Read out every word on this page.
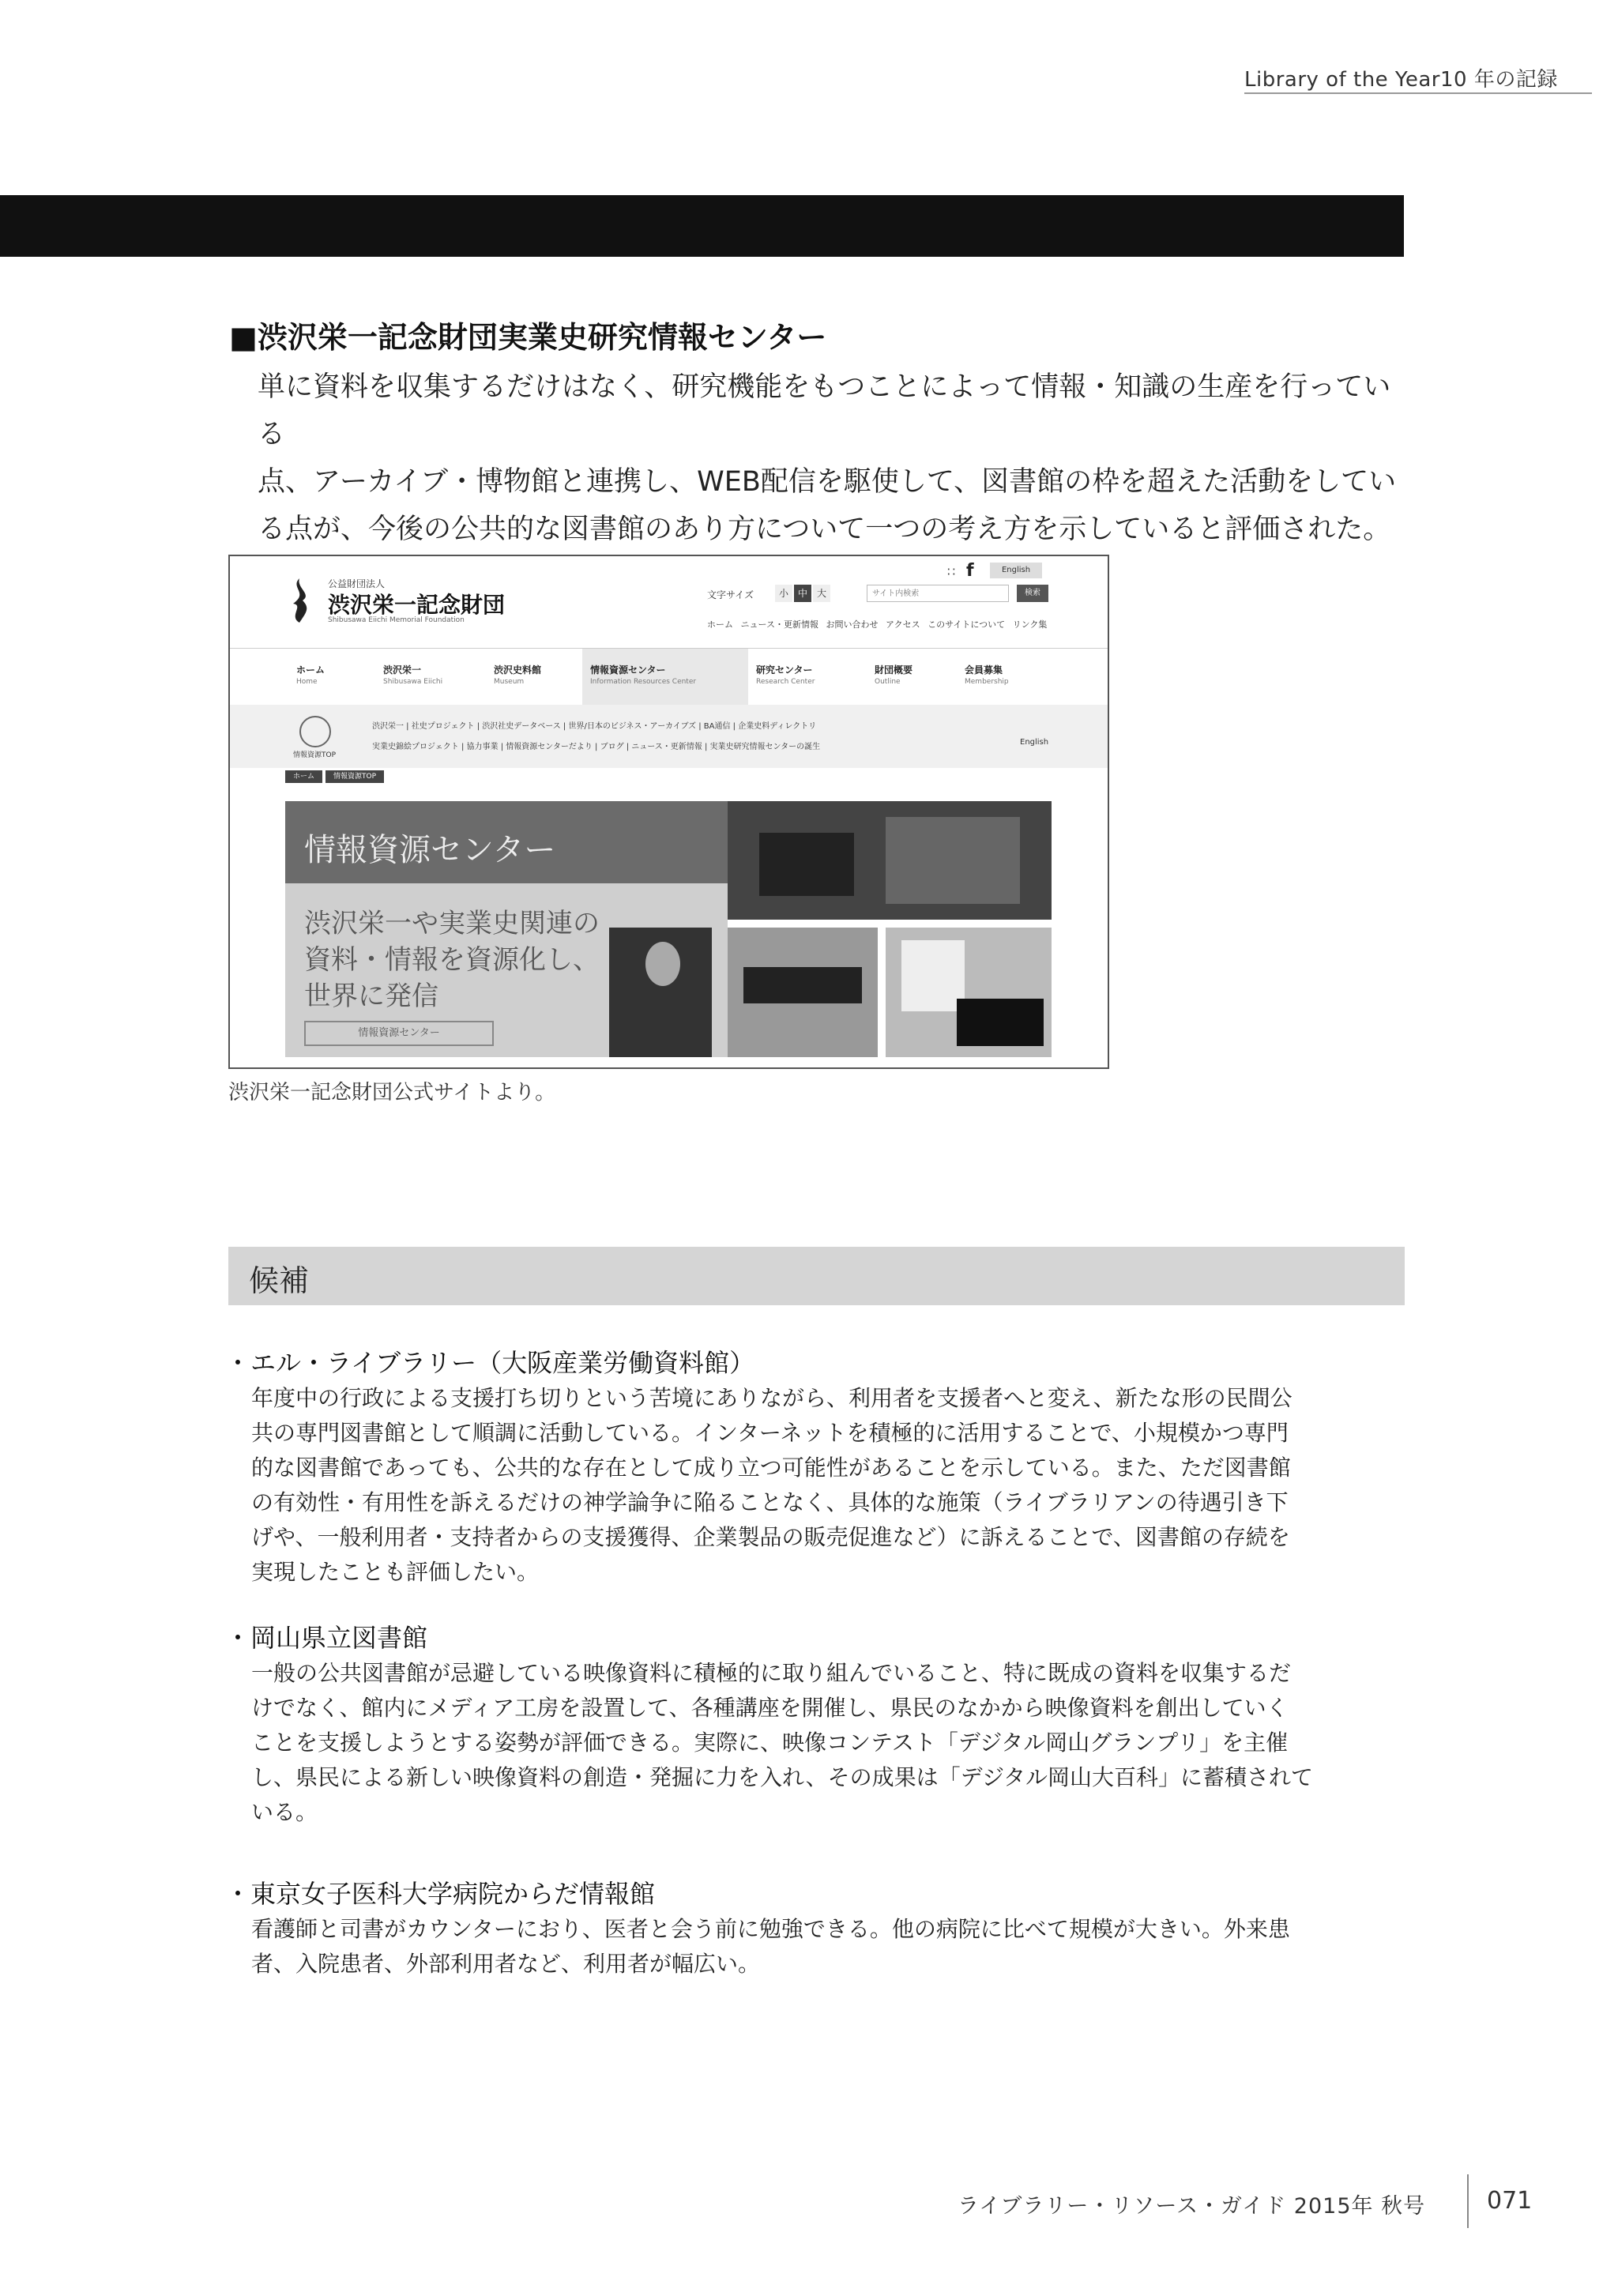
Library of the Year10 年の記録
■渋沢栄一記念財団実業史研究情報センター

単に資料を収集するだけはなく、研究機能をもつことによって情報・知識の生産を行っている

点、アーカイブ・博物館と連携し、WEB配信を駆使して、図書館の枠を超えた活動をしてい

る点が、今後の公共的な図書館のあり方について一つの考え方を示していると評価された。

公益財団法人
渋沢栄一記念財団
Shibusawa Eiichi Memorial Foundation
∷ f	English
文字サイズ	小 中 大	サイト内検索	検索
ホーム ニュース・更新情報 お問い合わせ アクセス このサイトについて リンク集
ホーム
Home
渋沢栄一
Shibusawa Eiichi
渋沢史料館
Museum
情報資源センター
Information Resources Center
研究センター
Research Center
財団概要
Outline
会員募集
Membership
情報資源TOP
渋沢栄一 | 社史プロジェクト | 渋沢社史データベース | 世界/日本のビジネス・アーカイブズ | BA通信 | 企業史料ディレクトリ
実業史錦絵プロジェクト | 協力事業 | 情報資源センターだより | ブログ | ニュース・更新情報 | 実業史研究情報センターの誕生
English
ホーム	情報資源TOP
情報資源センター
渋沢栄一や実業史関連の
資料・情報を資源化し、
世界に発信
情報資源センター
渋沢栄一記念財団公式サイトより。
候補
・エル・ライブラリー（大阪産業労働資料館）

年度中の行政による支援打ち切りという苦境にありながら、利用者を支援者へと変え、新たな形の民間公

共の専門図書館として順調に活動している。インターネットを積極的に活用することで、小規模かつ専門

的な図書館であっても、公共的な存在として成り立つ可能性があることを示している。また、ただ図書館

の有効性・有用性を訴えるだけの神学論争に陥ることなく、具体的な施策（ライブラリアンの待遇引き下

げや、一般利用者・支持者からの支援獲得、企業製品の販売促進など）に訴えることで、図書館の存続を

実現したことも評価したい。

・岡山県立図書館

一般の公共図書館が忌避している映像資料に積極的に取り組んでいること、特に既成の資料を収集するだ

けでなく、館内にメディア工房を設置して、各種講座を開催し、県民のなかから映像資料を創出していく

ことを支援しようとする姿勢が評価できる。実際に、映像コンテスト「デジタル岡山グランプリ」を主催

し、県民による新しい映像資料の創造・発掘に力を入れ、その成果は「デジタル岡山大百科」に蓄積されて

いる。

・東京女子医科大学病院からだ情報館

看護師と司書がカウンターにおり、医者と会う前に勉強できる。他の病院に比べて規模が大きい。外来患

者、入院患者、外部利用者など、利用者が幅広い。

ライブラリー・リソース・ガイド 2015年 秋号	071
